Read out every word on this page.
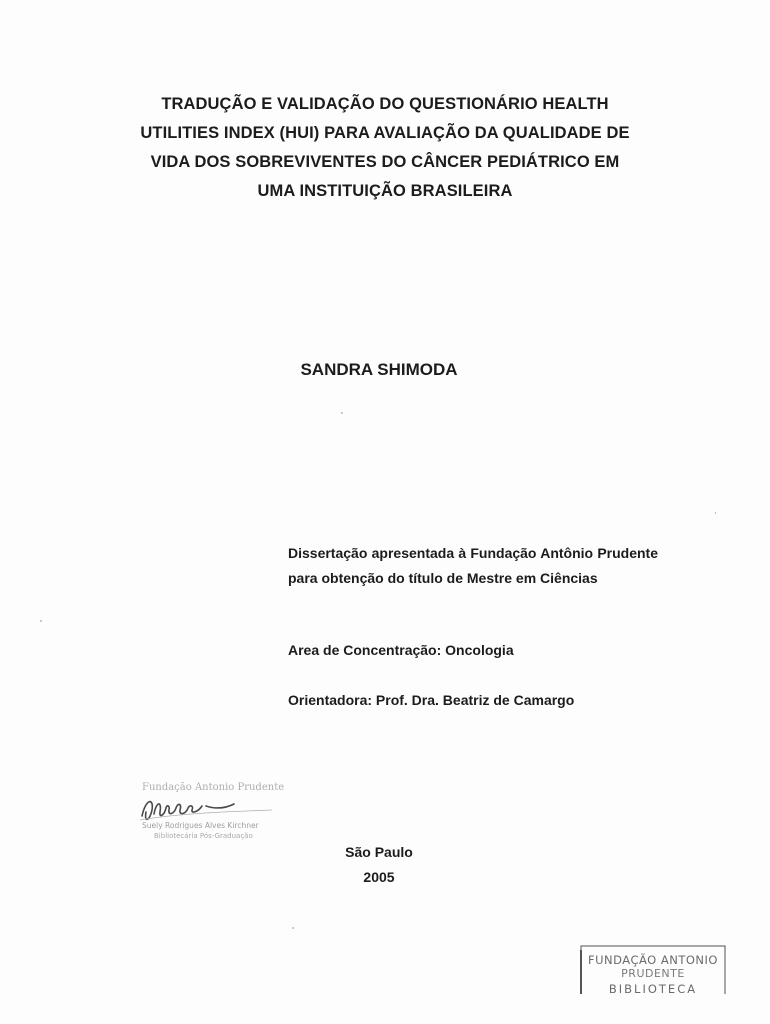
TRADUÇÃO E VALIDAÇÃO DO QUESTIONÁRIO HEALTH
UTILITIES INDEX (HUI) PARA AVALIAÇÃO DA QUALIDADE DE
VIDA DOS SOBREVIVENTES DO CÂNCER PEDIÁTRICO EM
UMA INSTITUIÇÃO BRASILEIRA
SANDRA SHIMODA
Dissertação apresentada à Fundação Antônio Prudente para obtenção do título de Mestre em Ciências
Area de Concentração: Oncologia
Orientadora: Prof. Dra. Beatriz de Camargo
Fundação Antonio Prudente
Suely Rodrigues Alves Kirchner
Bibliotecária Pós-Graduação
São Paulo
2005
FUNDAÇÃO ANTONIO
PRUDENTE
BIBLIOTECA
